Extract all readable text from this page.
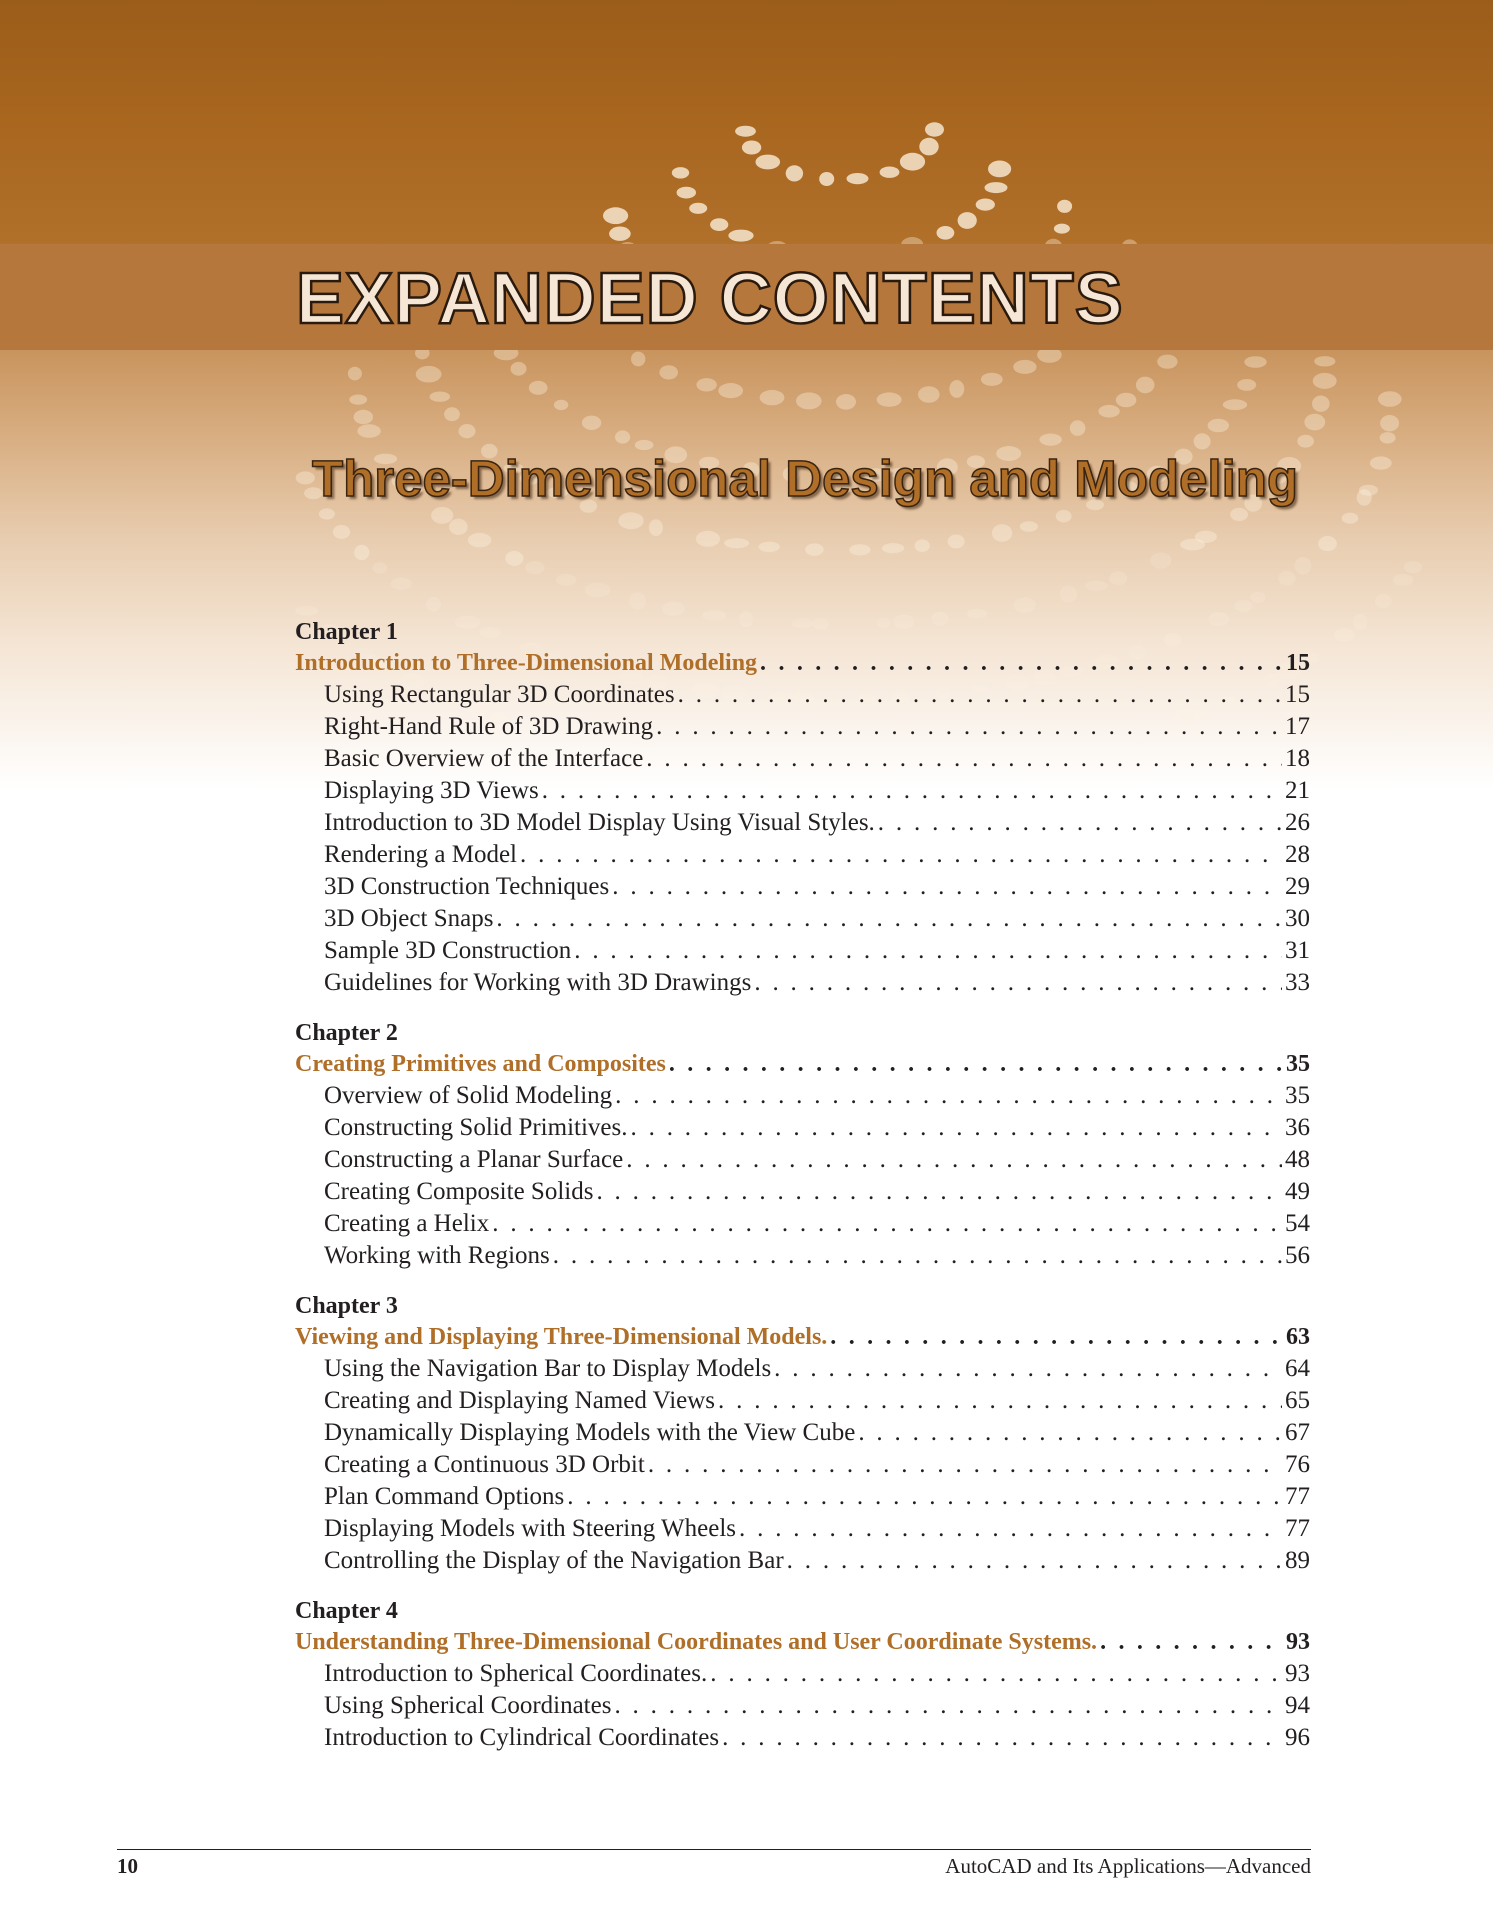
EXPANDED CONTENTS
Three-Dimensional Design and Modeling
Chapter 1
Introduction to Three-Dimensional Modeling . . .	15
Using Rectangular 3D Coordinates . . .	15
Right-Hand Rule of 3D Drawing . . .	17
Basic Overview of the Interface . . .	18
Displaying 3D Views . . .	21
Introduction to 3D Model Display Using Visual Styles. . . .	26
Rendering a Model . . .	28
3D Construction Techniques . . .	29
3D Object Snaps . . .	30
Sample 3D Construction . . .	31
Guidelines for Working with 3D Drawings . . .	33
Chapter 2
Creating Primitives and Composites . . .	35
Overview of Solid Modeling . . .	35
Constructing Solid Primitives. . . .	36
Constructing a Planar Surface . . .	48
Creating Composite Solids . . .	49
Creating a Helix . . .	54
Working with Regions . . .	56
Chapter 3
Viewing and Displaying Three-Dimensional Models. . . .	63
Using the Navigation Bar to Display Models . . .	64
Creating and Displaying Named Views . . .	65
Dynamically Displaying Models with the View Cube . . .	67
Creating a Continuous 3D Orbit . . .	76
Plan Command Options . . .	77
Displaying Models with Steering Wheels . . .	77
Controlling the Display of the Navigation Bar . . .	89
Chapter 4
Understanding Three-Dimensional Coordinates and User Coordinate Systems. . . .	93
Introduction to Spherical Coordinates. . . .	93
Using Spherical Coordinates . . .	94
Introduction to Cylindrical Coordinates . . .	96
10	AutoCAD and Its Applications—Advanced
